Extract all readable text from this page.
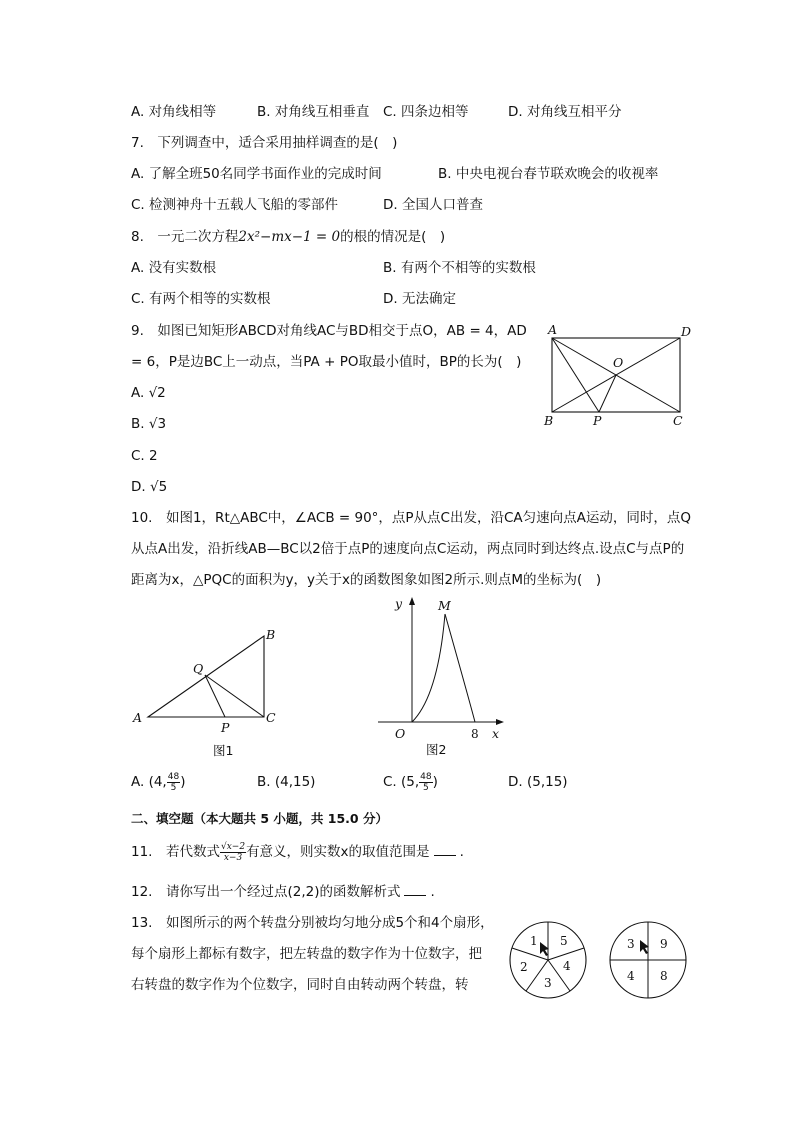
A. 对角线相等	B. 对角线互相垂直 C. 四条边相等	D. 对角线互相平分
7.　下列调查中，适合采用抽样调查的是(　)
A. 了解全班50名同学书面作业的完成时间	B. 中央电视台春节联欢晚会的收视率
C. 检测神舟十五载人飞船的零部件	D. 全国人口普查
8.　一元二次方程2x²−mx−1 = 0的根的情况是(　)
A. 没有实数根	B. 有两个不相等的实数根
C. 有两个相等的实数根	D. 无法确定
9.　如图已知矩形ABCD对角线AC与BD相交于点O，AB = 4，AD
= 6，P是边BC上一动点，当PA + PO取最小值时，BP的长为(　)
A. √2
B. √3
C. 2
D. √5
A	D
O
B	P	C
10.　如图1，Rt△ABC中，∠ACB = 90°，点P从点C出发，沿CA匀速向点A运动，同时，点Q
从点A出发，沿折线AB—BC以2倍于点P的速度向点C运动，两点同时到达终点.设点C与点P的
距离为x，△PQC的面积为y，y关于x的函数图象如图2所示.则点M的坐标为(　)
B
Q
A
P
C
图1
y	M
O	8 x
图2
A. (4, $\frac{48}{5}$ )	B. (4,15)	C. (5, $\frac{48}{5}$ )	D. (5,15)
二、填空题（本大题共 5 小题，共 15.0 分）
11.　若代数式 $\frac{√x-2}{x-3}$ 有意义，则实数x的取值范围是 .
12.　请你写出一个经过点(2,2)的函数解析式 .
13.　如图所示的两个转盘分别被均匀地分成5个和4个扇形，
每个扇形上都标有数字，把左转盘的数字作为十位数字，把
右转盘的数字作为个位数字，同时自由转动两个转盘，转
1 5
4
3
2
3 9
8
4
